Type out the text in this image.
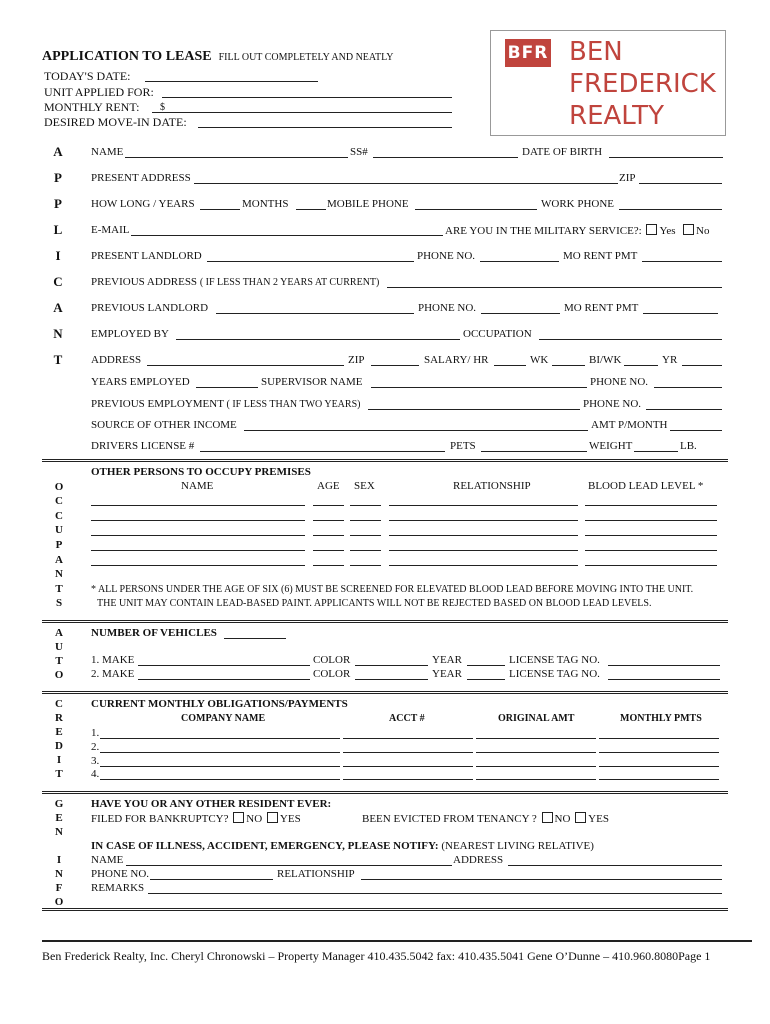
APPLICATION TO LEASE FILL OUT COMPLETELY AND NEATLY
TODAY'S DATE:
UNIT APPLIED FOR:
MONTHLY RENT: $
DESIRED MOVE-IN DATE:
BFR BEN
FREDERICK
REALTY
A
P
P
L
I
C
A
N
T
NAME	SS#	DATE OF BIRTH
PRESENT ADDRESS	ZIP
HOW LONG / YEARS	MONTHS	MOBILE PHONE	WORK PHONE
E-MAIL	ARE YOU IN THE MILITARY SERVICE?: Yes No
PRESENT LANDLORD	PHONE NO.	MO RENT PMT
PREVIOUS ADDRESS ( IF LESS THAN 2 YEARS AT CURRENT)
PREVIOUS LANDLORD	PHONE NO.	MO RENT PMT
EMPLOYED BY	OCCUPATION
ADDRESS	ZIP	SALARY/ HR	WK	BI/WK	YR
YEARS EMPLOYED	SUPERVISOR NAME	PHONE NO.
PREVIOUS EMPLOYMENT ( IF LESS THAN TWO YEARS)	PHONE NO.
SOURCE OF OTHER INCOME	AMT P/MONTH
DRIVERS LICENSE #	PETS	WEIGHT	LB.
OTHER PERSONS TO OCCUPY PREMISES
NAME	AGE SEX	RELATIONSHIP	BLOOD LEAD LEVEL *
O
C
C
U
P
A
N
T
S
* ALL PERSONS UNDER THE AGE OF SIX (6) MUST BE SCREENED FOR ELEVATED BLOOD LEAD BEFORE MOVING INTO THE UNIT.
THE UNIT MAY CONTAIN LEAD-BASED PAINT. APPLICANTS WILL NOT BE REJECTED BASED ON BLOOD LEAD LEVELS.
A
U
T
O
NUMBER OF VEHICLES
1. MAKE	COLOR	YEAR	LICENSE TAG NO.
2. MAKE	COLOR	YEAR	LICENSE TAG NO.
C
R
E
D
I
T
CURRENT MONTHLY OBLIGATIONS/PAYMENTS
COMPANY NAME	ACCT #	ORIGINAL AMT	MONTHLY PMTS
1.
2.
3.
4.
G
E
N
HAVE YOU OR ANY OTHER RESIDENT EVER:
FILED FOR BANKRUPTCY? NO YES	BEEN EVICTED FROM TENANCY ? NO YES
I
N
F
O
IN CASE OF ILLNESS, ACCIDENT, EMERGENCY, PLEASE NOTIFY: (NEAREST LIVING RELATIVE)
NAME	ADDRESS
PHONE NO.	RELATIONSHIP
REMARKS
Ben Frederick Realty, Inc. Cheryl Chronowski – Property Manager 410.435.5042 fax: 410.435.5041 Gene O’Dunne – 410.960.8080Page 1
